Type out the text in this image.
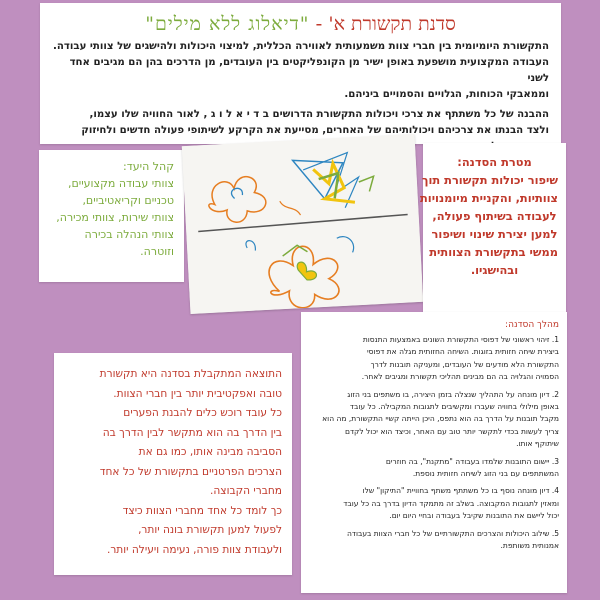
סדנת תקשורת א' - "דיאלוג ללא מילים"
התקשורת היומיומית בין חברי צוות משמעותית לאווירה הכללית, למיצוי היכולות ולהישגים של צוותי עבודה.
העבודה המקצועית מושפעת באופן ישיר מן הקונפליקטים בין העובדים, מן הדרכים בהן הם מגיבים אחד לשני
וממאבקי הכוחות, הגלויים והסמויים ביניהם.
ההבנה של כל משתתף את צרכי ויכולות התקשורת הדרושים ב ד י א ל ו ג , לאור החוויה שלו עצמו,
ולצד הבנתו את צרכיהם ויכולותיהם של האחרים, מסייעת את הקרקע לשיתופי פעולה חדשים ולחיזוק
קהל היעד:
צוותי עבודה מקצועיים,
טכניים וקריאטיביים,
צוותי שירות, צוותי מכירה,
צוותי הנהלה בכירה וזוטרה.
מטרת הסדנה:
שיפור יכולות תקשורת תוך
צוותיות, והקניית מיומנויות
לעבודה בשיתוף פעולה,
למען יצירת שינוי ושיפור
ממשי בתקשורת הצוותית
ובהישגיו.
התוצאה המתקבלת בסדנה היא תקשורת
טובה ואפקטיבית יותר בין חברי הצוות.
כל עובד רוכש כלים להבנת הפערים
בין הדרך בה הוא מתקשר לבין הדרך בה
הסביבה מבינה אותו, כמו גם את
הצרכים הפרטניים בתקשורת של כל אחד
מחברי הקבוצה.
כך לומד כל אחד מחברי הצוות כיצד
לפעול למען תקשורת בונה יותר,
ולעבודת צוות פורה, נעימה ויעילה יותר.
מהלך הסדנה:
1. זיהוי ראשוני של דפוסי התקשורת השונים באמצעות התנסות
ביצירת שיחה חזותית בזוגות. השיחה החזותית מגלה את דפוסי
התקשורת הלא מודעים של העובדים, ומעניקה תובנות לדרך
הסמויה והגלויה בה הם מבינים תהליכי תקשורת ומגיבים לאחר.
2. דיון מונחה על התהליך שנצלה בזמן היצירה, בו משתפים בני הזוג
באופן מילולי בחוויה שעברו ומקשיבים לתגובות המקבילה. כל עובד
מקבל תובנות על הדרך בה הוא נתפס, היכן הייתה קשיי התקשורת, מה הוא
צריך לעשות בכדי לתקשר יותר טוב עם האחר, וכיצד הוא יכול לקדם
שיתוקף אותו.
3. יישום התובנות שלמדו בעבודה "מתקנת", בה חוזרים
המשתתפים עם בני הזוג לשיחה חזותית נוספת.
4. דיון מונחה נוסף בו כל משתתף משתף בחוויית "התיקון" שלו
ומאזין לתגובות המקבוצה. בשלב זה מתמקד הדיון בדרך בה כל עובד
יכול ליישם את התובנות שקיבל בעבודה ובחיי היום יום.
5. שילוב היכולות והצרכים התקשורתיים של כל חברי הצוות בעבודה
אמנותית משותפת.
